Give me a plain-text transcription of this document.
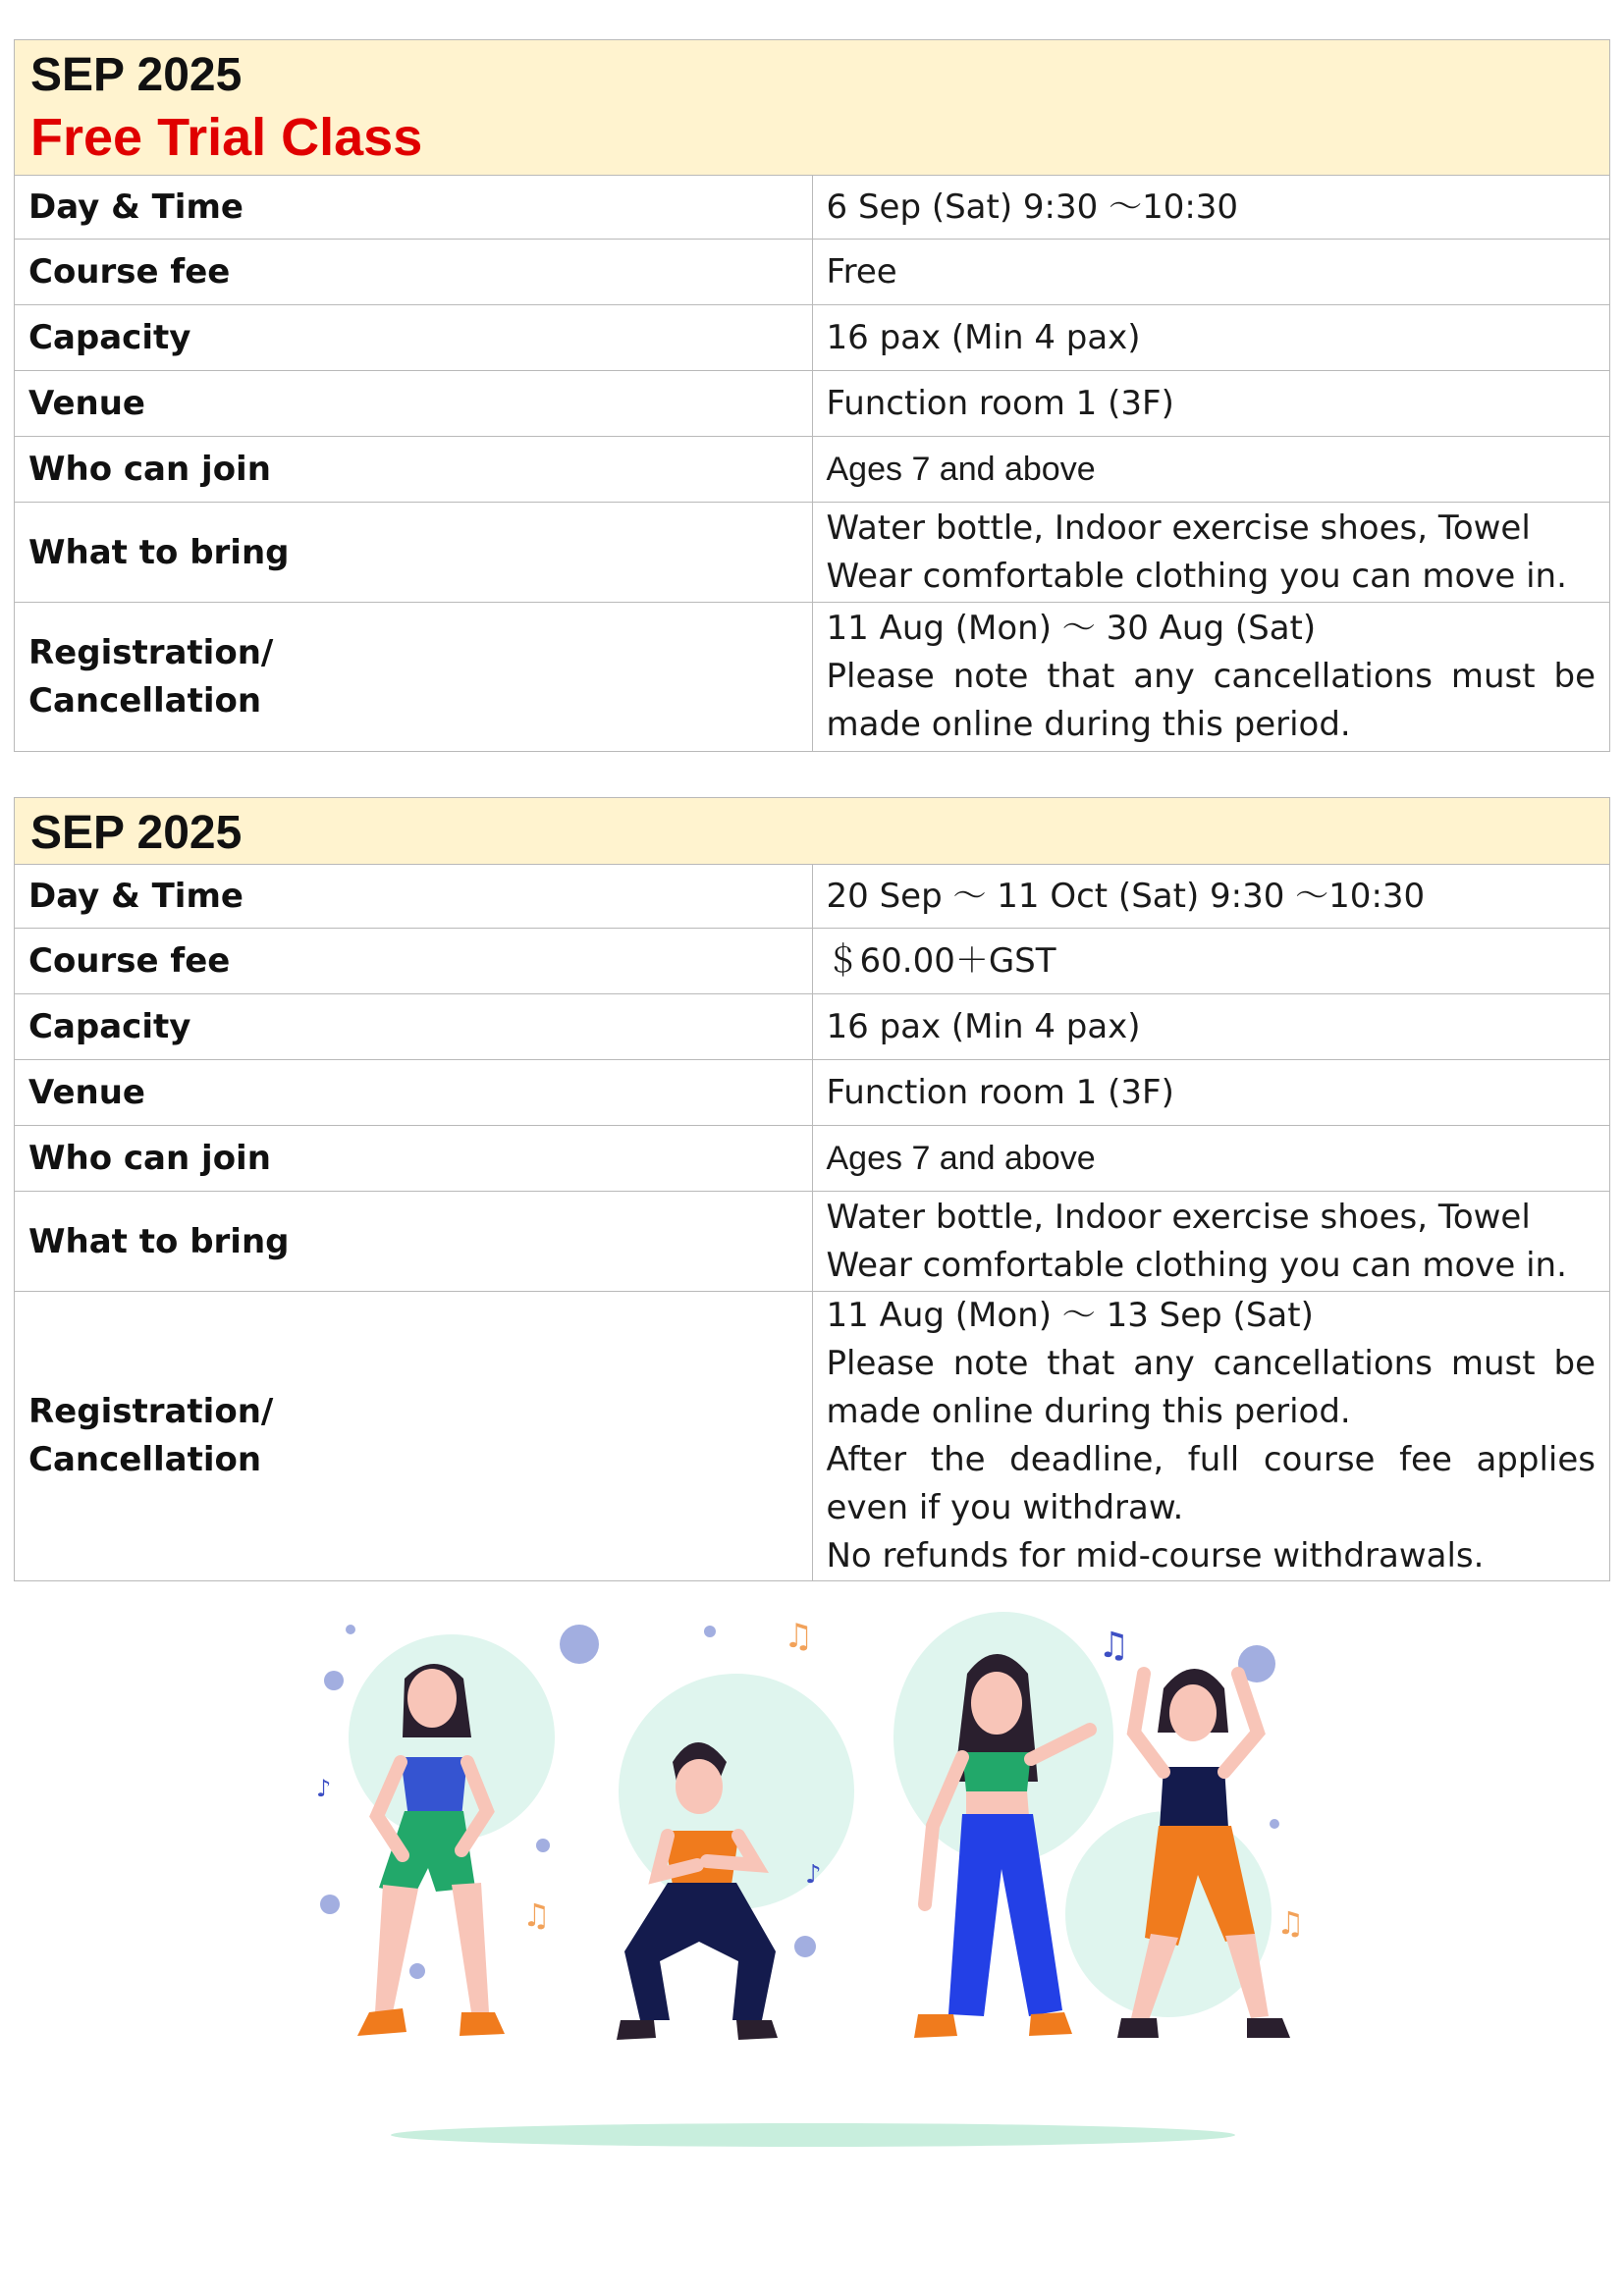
SEP 2025
Free Trial Class	

Day & Time	6 Sep (Sat) 9:30 〜10:30
Course fee	Free
Capacity	16 pax (Min 4 pax)
Venue	Function room 1 (3F)
Who can join	Ages 7 and above
What to bring	Water bottle, Indoor exercise shoes, Towel
Wear comfortable clothing you can move in.

Registration/
Cancellation	11 Aug (Mon) 〜 30 Aug (Sat)
Please note that any cancellations must be made online during this period.
SEP 2025	

Day & Time	20 Sep 〜 11 Oct (Sat) 9:30 〜10:30
Course fee	＄60.00＋GST
Capacity	16 pax (Min 4 pax)
Venue	Function room 1 (3F)
Who can join	Ages 7 and above
What to bring	Water bottle, Indoor exercise shoes, Towel
Wear comfortable clothing you can move in.

Registration/
Cancellation	11 Aug (Mon) 〜 13 Sep (Sat)
Please note that any cancellations must be made online during this period.
After the deadline, full course fee applies even if you withdraw.
No refunds for mid-course withdrawals.
♫	♫
♪
♫
♪
♫
